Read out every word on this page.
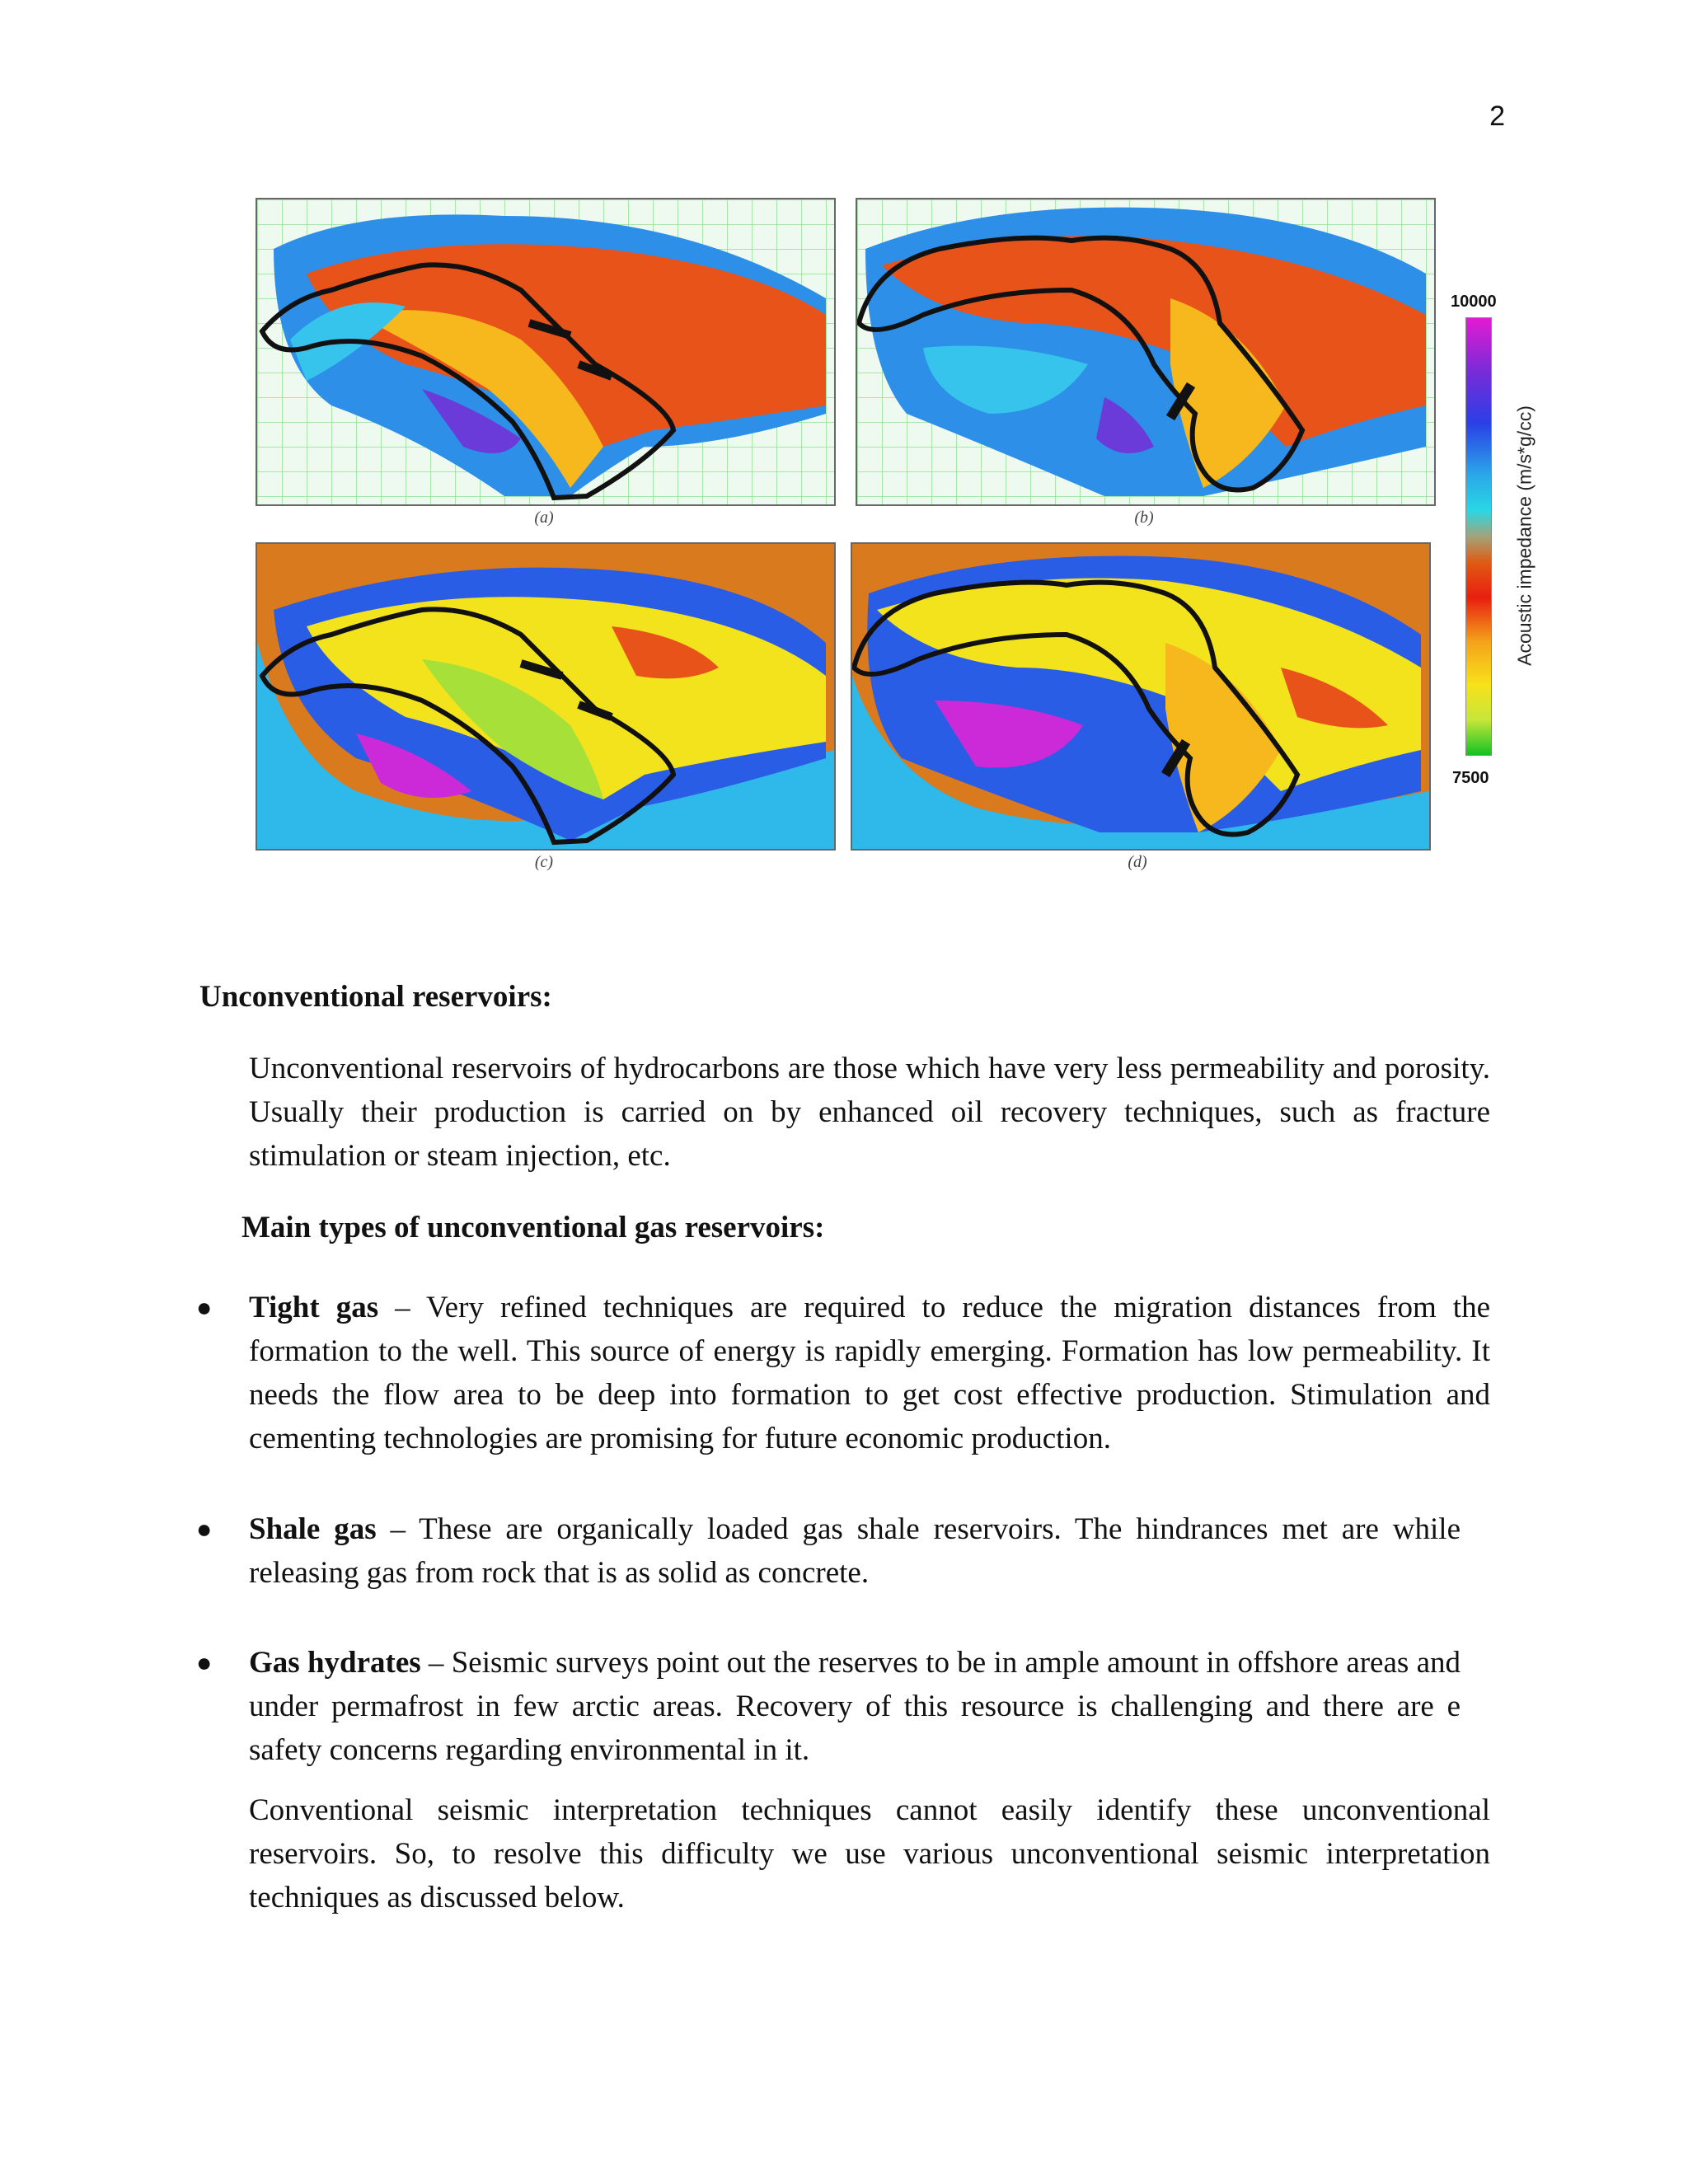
2
(a)	(b)
(c)	(d)
10000
7500
Acoustic impedance (m/s*g/cc)
Unconventional reservoirs:
Unconventional reservoirs of hydrocarbons are those which have very less permeability and porosity. Usually their production is carried on by enhanced oil recovery techniques, such as fracture stimulation or steam injection, etc.
Main types of unconventional gas reservoirs:
● Tight gas – Very refined techniques are required to reduce the migration distances from the formation to the well. This source of energy is rapidly emerging. Formation has low permeability. It needs the flow area to be deep into formation to get cost effective production. Stimulation and cementing technologies are promising for future economic production.
● Shale gas – These are organically loaded gas shale reservoirs. The hindrances met are while releasing gas from rock that is as solid as concrete.
● Gas hydrates – Seismic surveys point out the reserves to be in ample amount in offshore areas and under permafrost in few arctic areas. Recovery of this resource is challenging and there are e safety concerns regarding environmental in it.
Conventional seismic interpretation techniques cannot easily identify these unconventional reservoirs. So, to resolve this difficulty we use various unconventional seismic interpretation techniques as discussed below.
